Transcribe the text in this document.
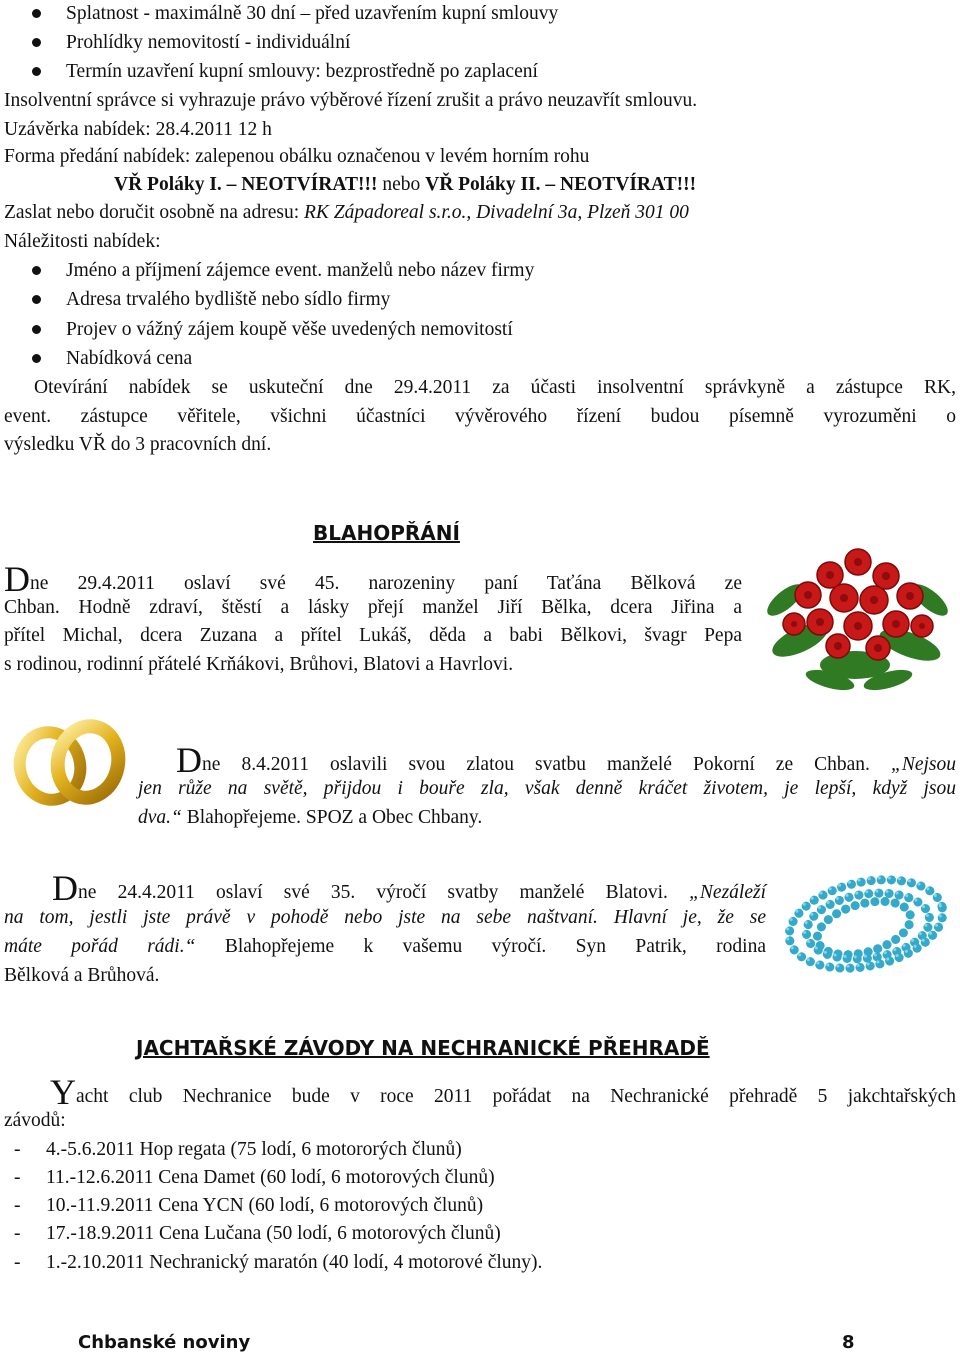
Splatnost - maximálně 30 dní – před uzavřením kupní smlouvy
Prohlídky nemovitostí - individuální
Termín uzavření kupní smlouvy: bezprostředně po zaplacení
Insolventní správce si vyhrazuje právo výběrové řízení zrušit a právo neuzavřít smlouvu.
Uzávěrka nabídek: 28.4.2011 12 h
Forma předání nabídek: zalepenou obálku označenou v levém horním rohu
VŘ Poláky I. – NEOTVÍRAT!!! nebo VŘ Poláky II. – NEOTVÍRAT!!!
Zaslat nebo doručit osobně na adresu: RK Západoreal s.r.o., Divadelní 3a, Plzeň 301 00
Náležitosti nabídek:
Jméno a příjmení zájemce event. manželů nebo název firmy
Adresa trvalého bydliště nebo sídlo firmy
Projev o vážný zájem koupě věše uvedených nemovitostí
Nabídková cena
Otevírání nabídek se uskuteční dne 29.4.2011 za účasti insolventní správkyně a zástupce RK,
event. zástupce věřitele, všichni účastníci vývěrového řízení budou písemně vyrozuměni o
výsledku VŘ do 3 pracovních dní.
BLAHOPŘÁNÍ
Dne 29.4.2011 oslaví své 45. narozeniny paní Taťána Bělková ze
Chban. Hodně zdraví, štěstí a lásky přejí manžel Jiří Bělka, dcera Jiřina a
přítel Michal, dcera Zuzana a přítel Lukáš, děda a babi Bělkovi, švagr Pepa
s rodinou, rodinní přátelé Krňákovi, Brůhovi, Blatovi a Havrlovi.
Dne 8.4.2011 oslavili svou zlatou svatbu manželé Pokorní ze Chban. „Nejsou
jen růže na světě, přijdou i bouře zla, však denně kráčet životem, je lepší, když jsou
dva.“ Blahopřejeme. SPOZ a Obec Chbany.
Dne 24.4.2011 oslaví své 35. výročí svatby manželé Blatovi. „Nezáleží
na tom, jestli jste právě v pohodě nebo jste na sebe naštvaní. Hlavní je, že se
máte pořád rádi.“ Blahopřejeme k vašemu výročí. Syn Patrik, rodina
Bělková a Brůhová.
JACHTAŘSKÉ ZÁVODY NA NECHRANICKÉ PŘEHRADĚ
Yacht club Nechranice bude v roce 2011 pořádat na Nechranické přehradě 5 jakchtařských
závodů:
- 4.-5.6.2011 Hop regata (75 lodí, 6 motororých člunů)
- 11.-12.6.2011 Cena Damet (60 lodí, 6 motorových člunů)
- 10.-11.9.2011 Cena YCN (60 lodí, 6 motorových člunů)
- 17.-18.9.2011 Cena Lučana (50 lodí, 6 motorových člunů)
- 1.-2.10.2011 Nechranický maratón (40 lodí, 4 motorové čluny).
Chbanské noviny	8
